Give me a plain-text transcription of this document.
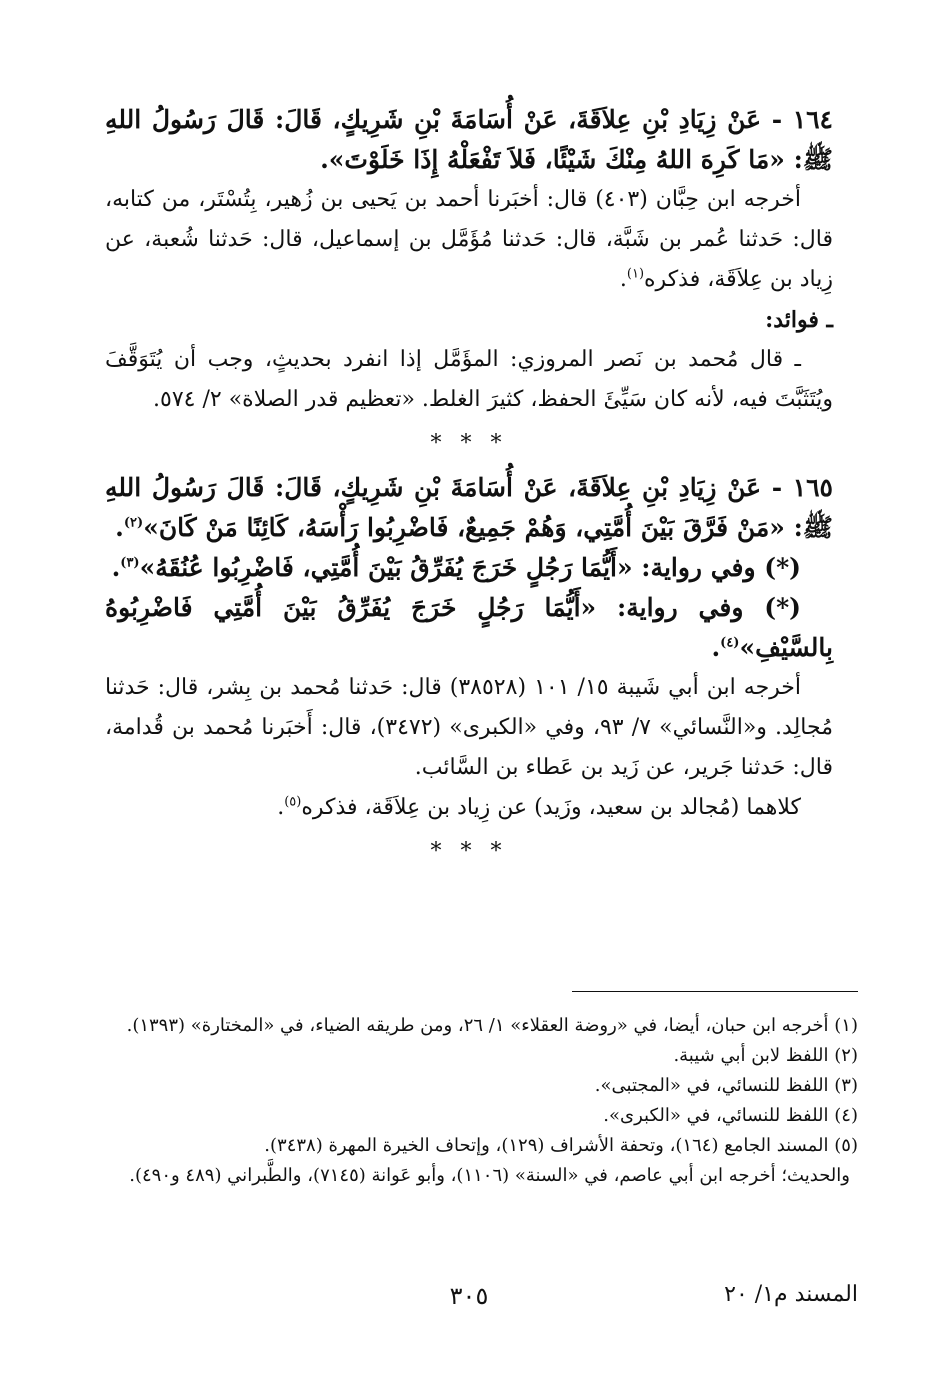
١٦٤ - عَنْ زِيَادِ بْنِ عِلاَقَةَ، عَنْ أُسَامَةَ بْنِ شَرِيكٍ، قَالَ: قَالَ رَسُولُ اللهِ ﷺ: «مَا كَرِهَ اللهُ مِنْكَ شَيْئًا، فَلاَ تَفْعَلْهُ إِذَا خَلَوْتَ».

أخرجه ابن حِبَّان (٤٠٣) قال: أخبَرنا أحمد بن يَحيى بن زُهير، بِتُسْتَر، من كتابه، قال: حَدثنا عُمر بن شَبَّة، قال: حَدثنا مُؤَمَّل بن إسماعيل، قال: حَدثنا شُعبة، عن زِياد بن عِلاَقَة، فذكره$^{(١)}$.

ـ فوائد:

ـ قال مُحمد بن نَصر المروزي: المؤَمَّل إذا انفرد بحديثٍ، وجب أن يُتَوَقَّفَ ويُتَثَبَّتَ فيه، لأنه كان سَيِّئَ الحفظ، كثيرَ الغلط. «تعظيم قدر الصلاة» ٢/ ٥٧٤.

* * *

١٦٥ - عَنْ زِيَادِ بْنِ عِلاَقَةَ، عَنْ أُسَامَةَ بْنِ شَرِيكٍ، قَالَ: قَالَ رَسُولُ اللهِ ﷺ: «مَنْ فَرَّقَ بَيْنَ أُمَّتِي، وَهُمْ جَمِيعٌ، فَاضْرِبُوا رَأْسَهُ، كَائِنًا مَنْ كَانَ»$^{(٢)}$.

(*) وفي رواية: «أَيُّمَا رَجُلٍ خَرَجَ يُفَرِّقُ بَيْنَ أُمَّتِي، فَاضْرِبُوا عُنُقَهُ»$^{(٣)}$.

(*) وفي رواية: «أَيُّمَا رَجُلٍ خَرَجَ يُفَرِّقُ بَيْنَ أُمَّتِي فَاضْرِبُوهُ بِالسَّيْفِ»$^{(٤)}$.

أخرجه ابن أبي شَيبة ١٥/ ١٠١ (٣٨٥٢٨) قال: حَدثنا مُحمد بن بِشر، قال: حَدثنا مُجالِد. و«النَّسائي» ٧/ ٩٣، وفي «الكبرى» (٣٤٧٢)، قال: أَخبَرنا مُحمد بن قُدامة، قال: حَدثنا جَرير، عن زَيد بن عَطاء بن السَّائب.

كلاهما (مُجالد بن سعيد، وزَيد) عن زِياد بن عِلاَقَة، فذكره$^{(٥)}$.

* * *

(١) أخرجه ابن حبان، أيضا، في «روضة العقلاء» ١/ ٢٦، ومن طريقه الضياء، في «المختارة» (١٣٩٣).

(٢) اللفظ لابن أبي شيبة.

(٣) اللفظ للنسائي، في «المجتبى».

(٤) اللفظ للنسائي، في «الكبرى».

(٥) المسند الجامع (١٦٤)، وتحفة الأشراف (١٢٩)، وإتحاف الخيرة المهرة (٣٤٣٨).

والحديث؛ أخرجه ابن أبي عاصم، في «السنة» (١١٠٦)، وأبو عَوانة (٧١٤٥)، والطَّبراني (٤٨٩ و٤٩٠).

المسند م١/ ٢٠
٣٠٥
